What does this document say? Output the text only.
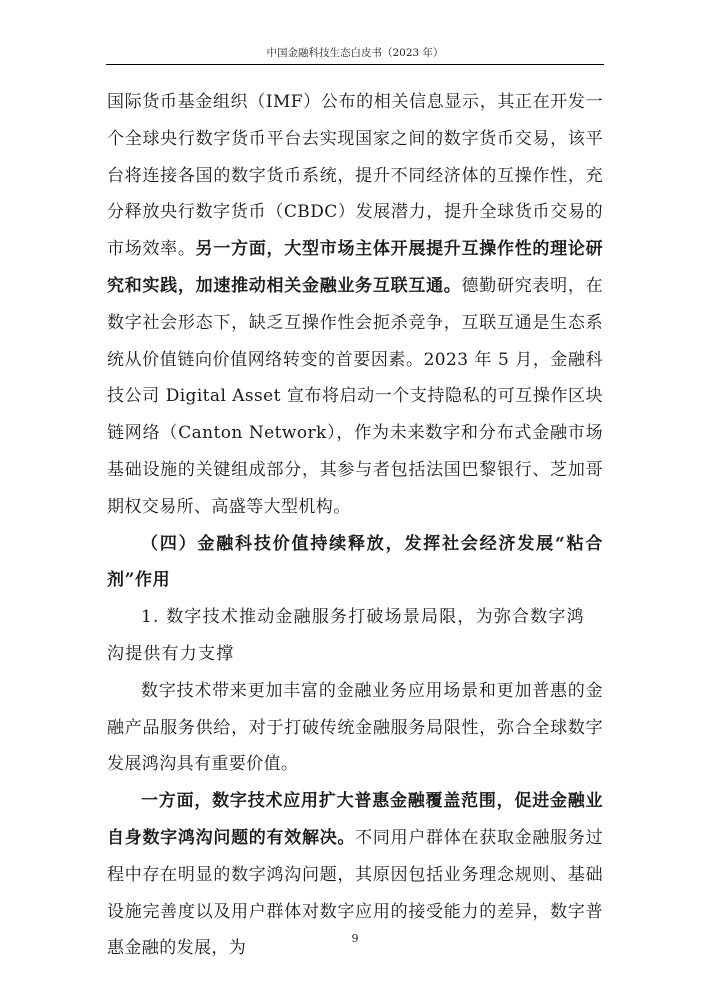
中国金融科技生态白皮书（2023 年）

国际货币基金组织（IMF）公布的相关信息显示，其正在开发一个全球央行数字货币平台去实现国家之间的数字货币交易，该平台将连接各国的数字货币系统，提升不同经济体的互操作性，充分释放央行数字货币（CBDC）发展潜力，提升全球货币交易的市场效率。另一方面，大型市场主体开展提升互操作性的理论研究和实践，加速推动相关金融业务互联互通。德勤研究表明，在数字社会形态下，缺乏互操作性会扼杀竞争，互联互通是生态系统从价值链向价值网络转变的首要因素。2023 年 5 月，金融科技公司 Digital Asset 宣布将启动一个支持隐私的可互操作区块链网络（Canton Network），作为未来数字和分布式金融市场基础设施的关键组成部分，其参与者包括法国巴黎银行、芝加哥期权交易所、高盛等大型机构。

（四）金融科技价值持续释放，发挥社会经济发展“粘合剂”作用

1. 数字技术推动金融服务打破场景局限，为弥合数字鸿沟提供有力支撑

数字技术带来更加丰富的金融业务应用场景和更加普惠的金融产品服务供给，对于打破传统金融服务局限性，弥合全球数字发展鸿沟具有重要价值。

一方面，数字技术应用扩大普惠金融覆盖范围，促进金融业自身数字鸿沟问题的有效解决。不同用户群体在获取金融服务过程中存在明显的数字鸿沟问题，其原因包括业务理念规则、基础设施完善度以及用户群体对数字应用的接受能力的差异，数字普惠金融的发展，为	9
